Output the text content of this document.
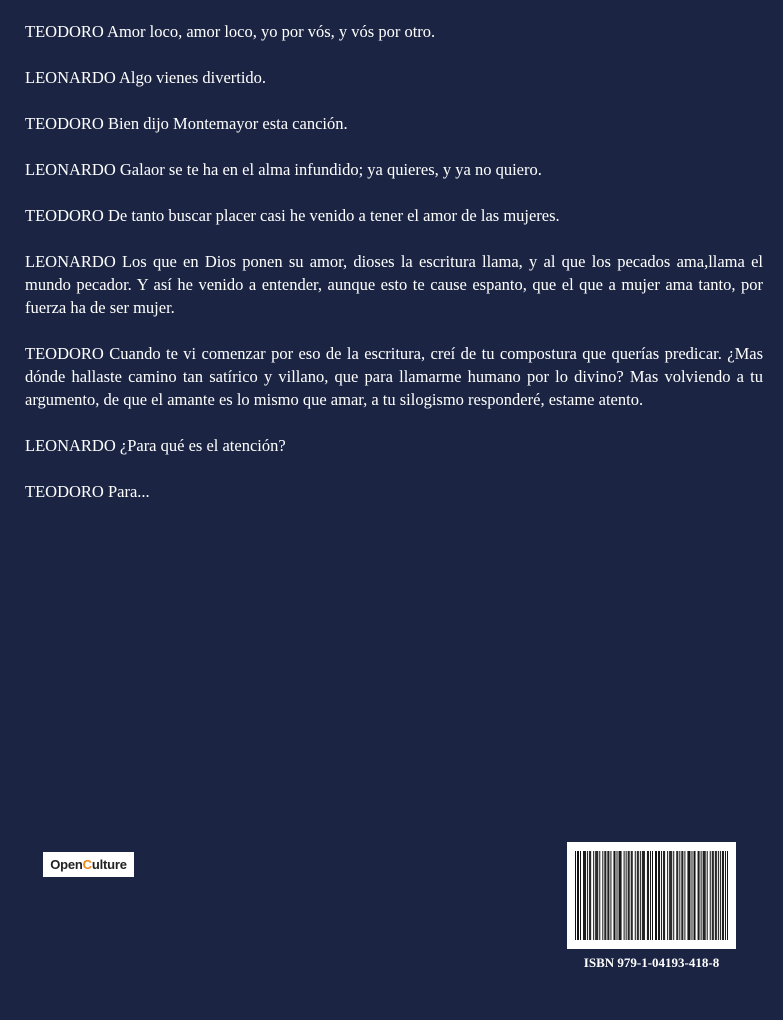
TEODORO Amor loco, amor loco, yo por vós, y vós por otro.

LEONARDO Algo vienes divertido.

TEODORO Bien dijo Montemayor esta canción.

LEONARDO Galaor se te ha en el alma infundido; ya quieres, y ya no quiero.

TEODORO De tanto buscar placer casi he venido a tener el amor de las mujeres.

LEONARDO Los que en Dios ponen su amor, dioses la escritura llama, y al que los pecados ama,llama el mundo pecador. Y así he venido a entender, aunque esto te cause espanto, que el que a mujer ama tanto, por fuerza ha de ser mujer.

TEODORO Cuando te vi comenzar por eso de la escritura, creí de tu compostura que querías predicar. ¿Mas dónde hallaste camino tan satírico y villano, que para llamarme humano por lo divino? Mas volviendo a tu argumento, de que el amante es lo mismo que amar, a tu silogismo responderé, estame atento.

LEONARDO ¿Para qué es el atención?

TEODORO Para...

Open C ulture
ISBN 979-1-04193-418-8
